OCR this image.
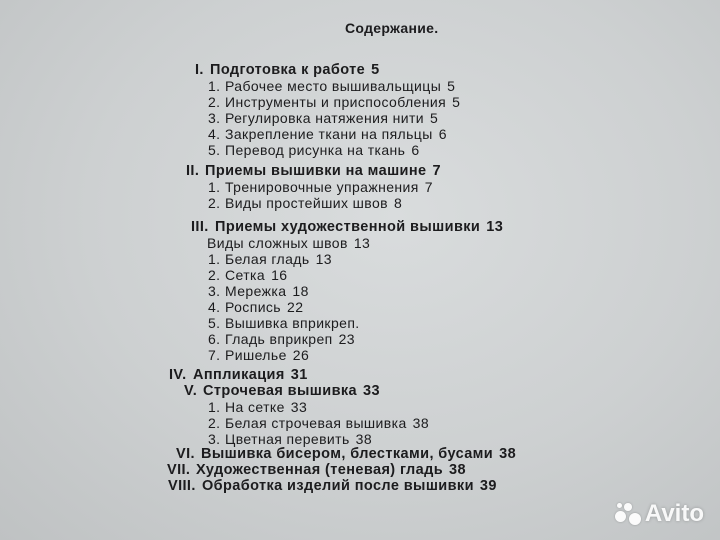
Содержание.
I. Подготовка к работе 5
1. Рабочее место вышивальщицы 5
2. Инструменты и приспособления 5
3. Регулировка натяжения нити 5
4. Закрепление ткани на пяльцы 6
5. Перевод рисунка на ткань 6
II. Приемы вышивки на машине 7
1. Тренировочные упражнения 7
2. Виды простейших швов 8
III. Приемы художественной вышивки 13
Виды сложных швов 13
1. Белая гладь 13
2. Сетка 16
3. Мережка 18
4. Роспись 22
5. Вышивка вприкреп.
6. Гладь вприкреп 23
7. Ришелье 26
IV. Аппликация 31
V. Строчевая вышивка 33
1. На сетке 33
2. Белая строчевая вышивка 38
3. Цветная перевить 38
VI. Вышивка бисером, блестками, бусами 38
VII. Художественная (теневая) гладь 38
VIII. Обработка изделий после вышивки 39
Avito
